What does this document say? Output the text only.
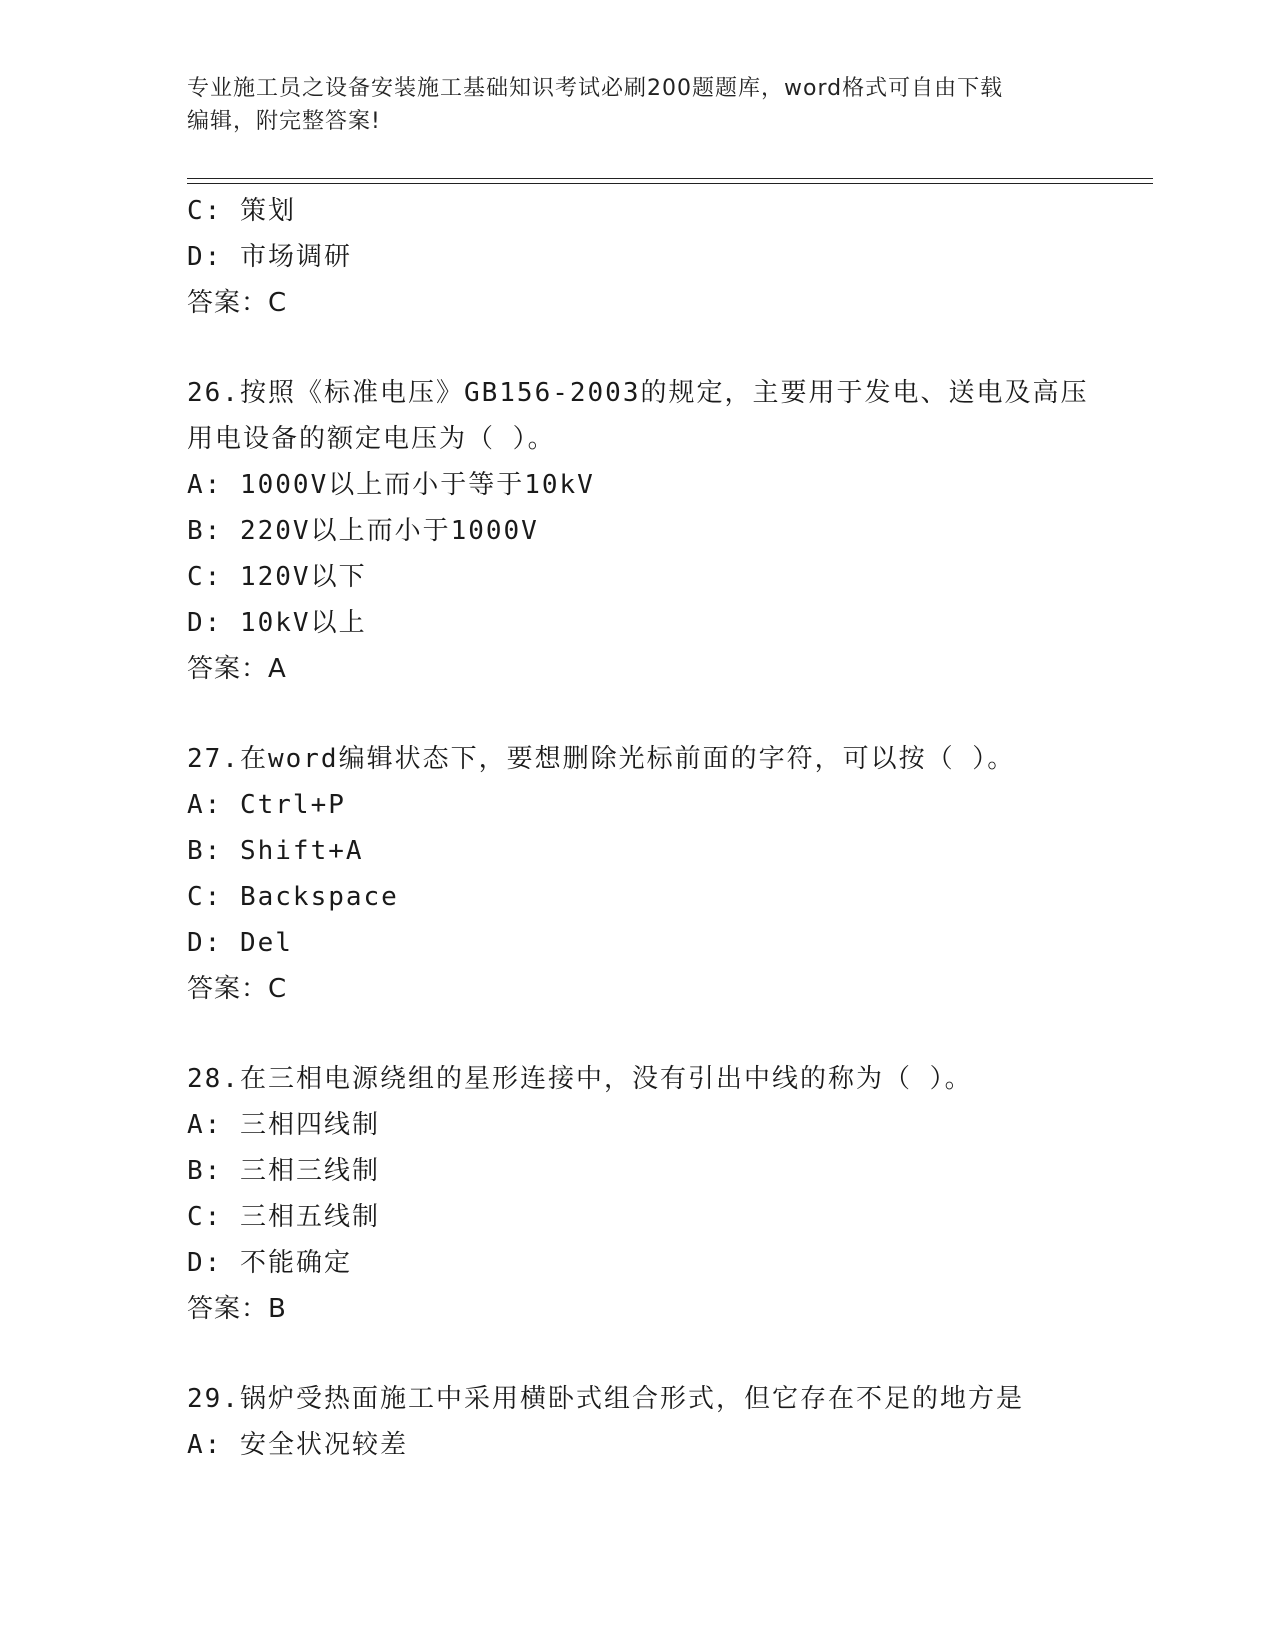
专业施工员之设备安装施工基础知识考试必刷200题题库，word格式可自由下载
编辑，附完整答案!
C: 策划
D: 市场调研
答案：C
26.按照《标准电压》GB156-2003的规定，主要用于发电、送电及高压
用电设备的额定电压为（ ）。
A: 1000V以上而小于等于10kV
B: 220V以上而小于1000V
C: 120V以下
D: 10kV以上
答案：A
27.在word编辑状态下，要想删除光标前面的字符，可以按（ ）。
A: Ctrl+P
B: Shift+A
C: Backspace
D: Del
答案：C
28.在三相电源绕组的星形连接中，没有引出中线的称为（ ）。
A: 三相四线制
B: 三相三线制
C: 三相五线制
D: 不能确定
答案：B
29.锅炉受热面施工中采用横卧式组合形式，但它存在不足的地方是
A: 安全状况较差
